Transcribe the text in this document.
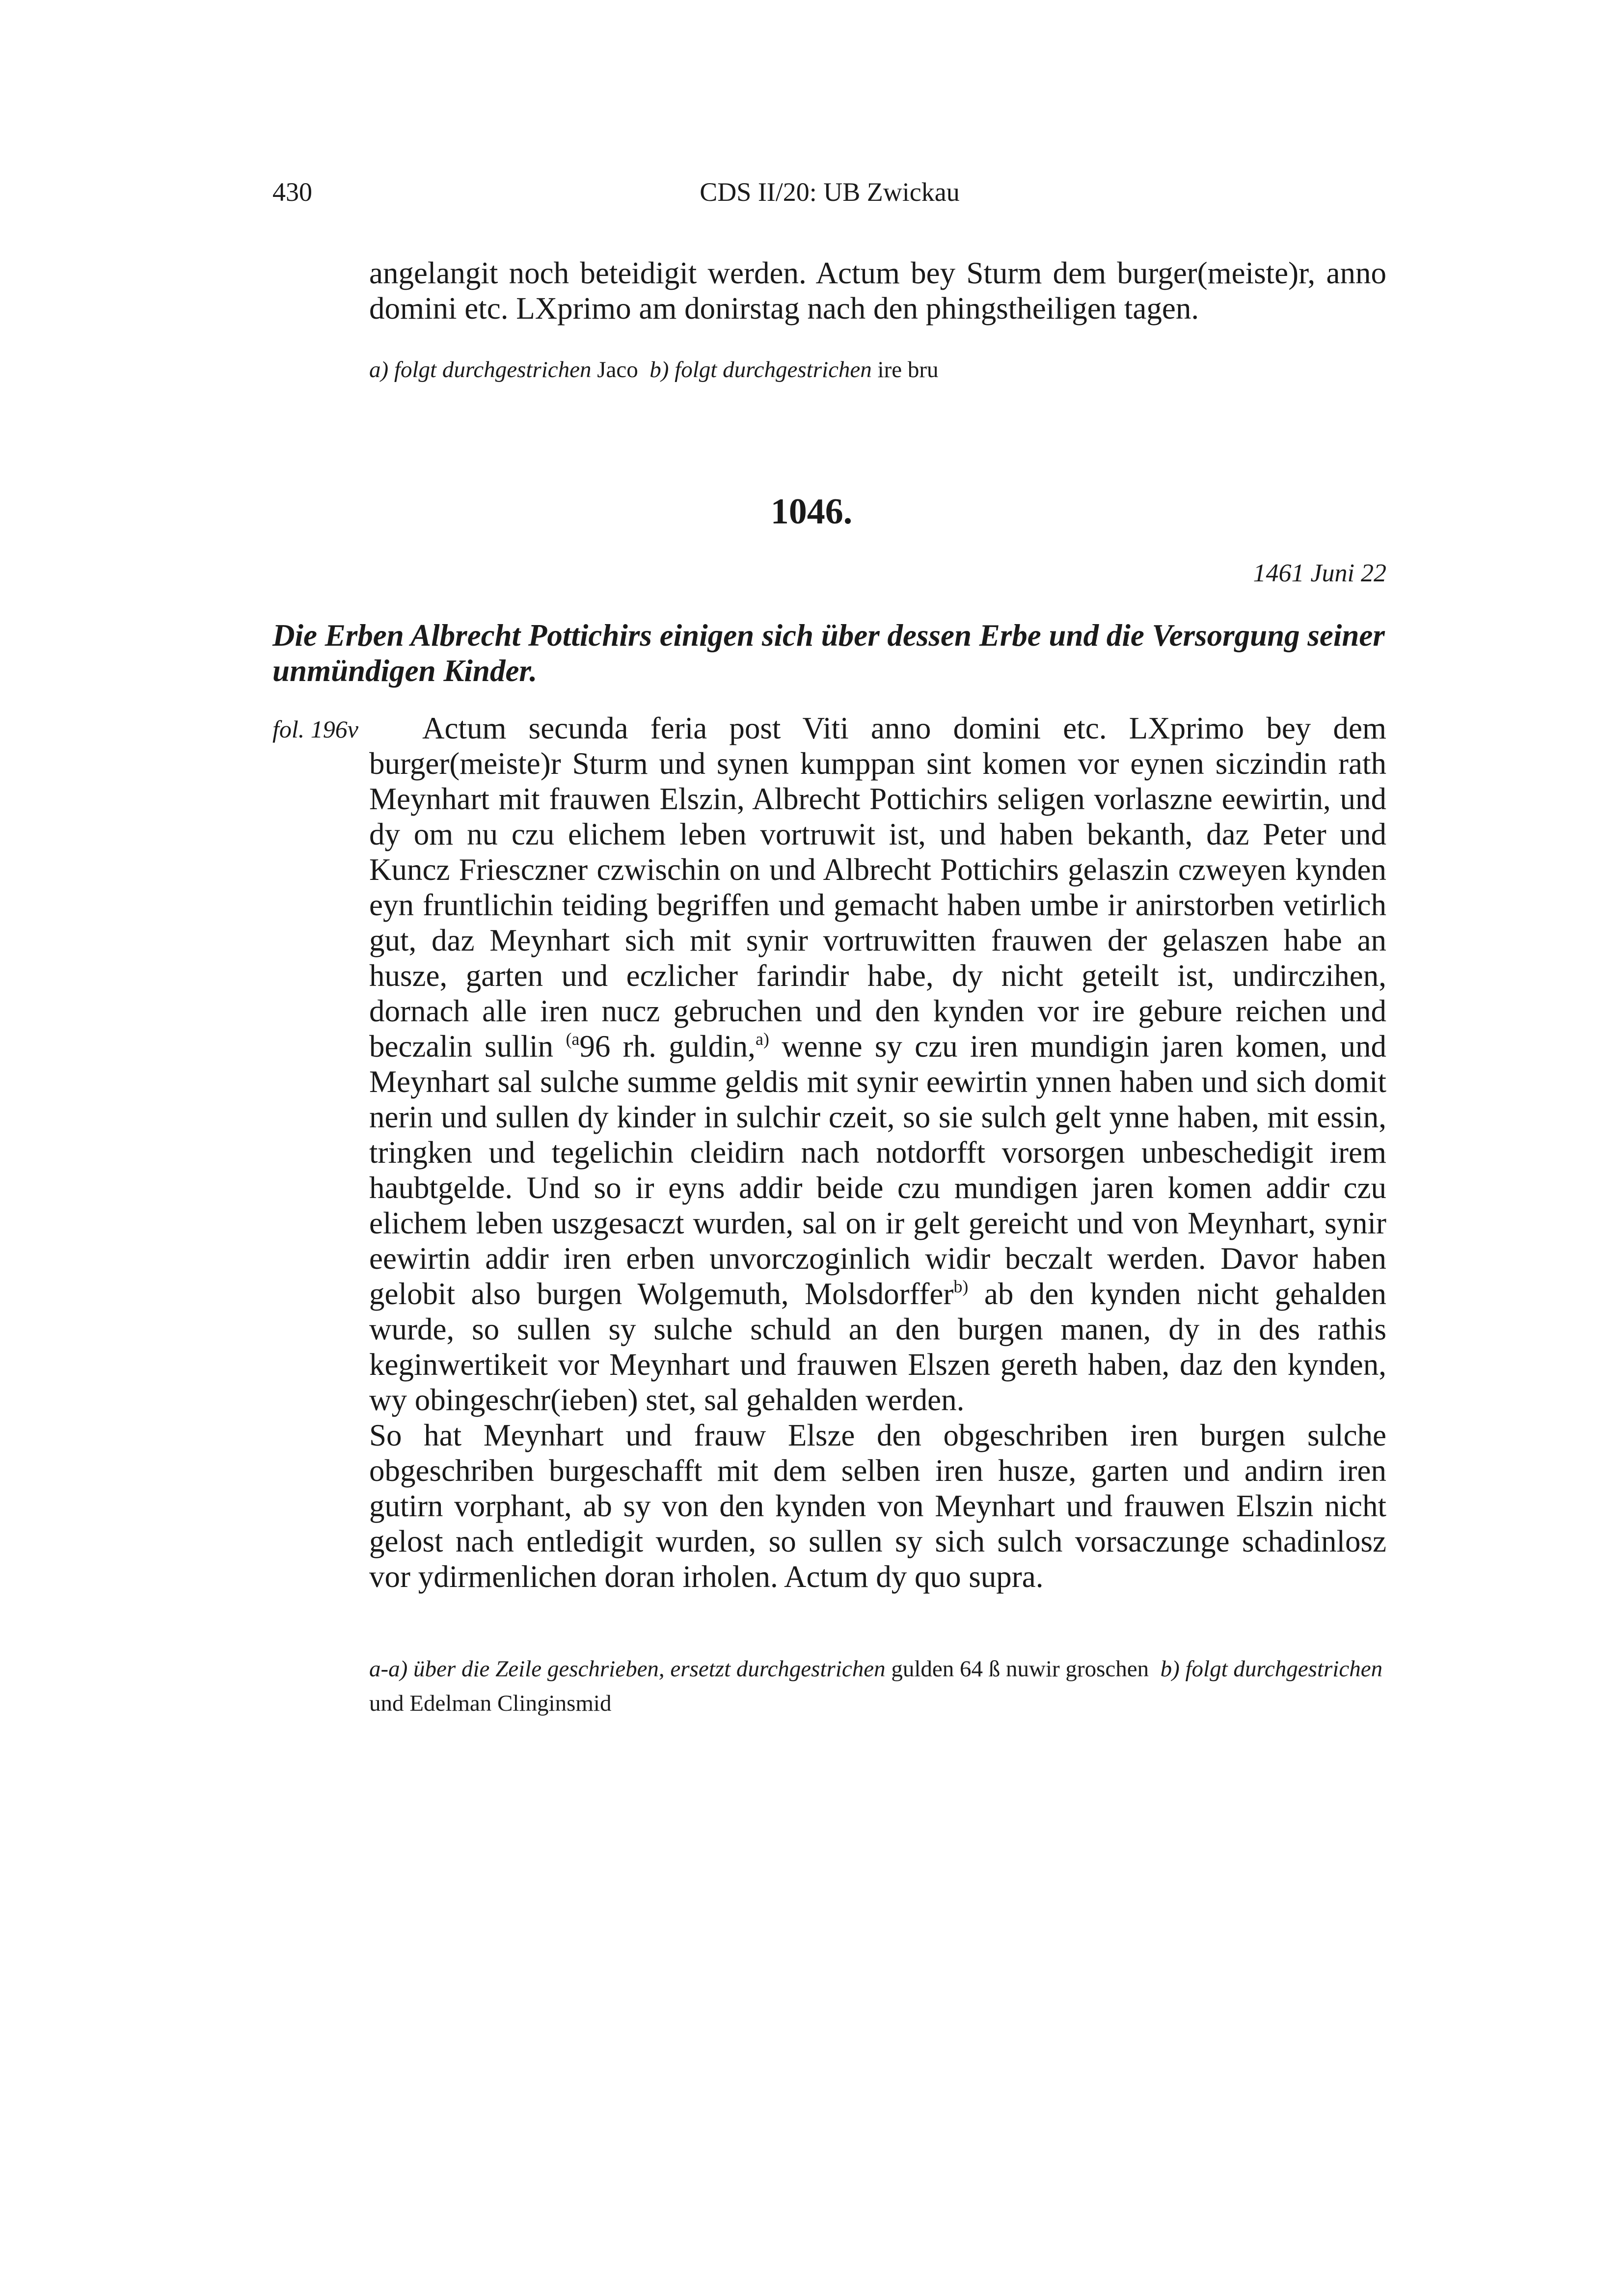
430	CDS II/20: UB Zwickau
angelangit noch beteidigit werden. Actum bey Sturm dem burger(meiste)r, anno domini etc. LXprimo am donirstag nach den phingstheiligen tagen.
a) folgt durchgestrichen Jaco b) folgt durchgestrichen ire bru
1046.
1461 Juni 22
Die Erben Albrecht Pottichirs einigen sich über dessen Erbe und die Versorgung seiner unmündigen Kinder.
fol. 196v	Actum secunda feria post Viti anno domini etc. LXprimo bey dem burger(meiste)r Sturm und synen kumppan sint komen vor eynen siczindin rath Meynhart mit frauwen Elszin, Albrecht Pottichirs seligen vorlaszne eewirtin, und dy om nu czu elichem leben vortruwit ist, und haben bekanth, daz Peter und Kuncz Friesczner czwischin on und Albrecht Pottichirs gelaszin czweyen kynden eyn fruntlichin teiding begriffen und gemacht haben umbe ir anirstorben vetirlich gut, daz Meynhart sich mit synir vortruwitten frauwen der gelaszen habe an husze, garten und eczlicher farindir habe, dy nicht geteilt ist, undirczihen, dornach alle iren nucz gebruchen und den kynden vor ire gebure reichen und beczalin sullin $^{(a}$96 rh. guldin,$^{a)}$ wenne sy czu iren mundigin jaren komen, und Meynhart sal sulche summe geldis mit synir eewirtin ynnen haben und sich domit nerin und sullen dy kinder in sulchir czeit, so sie sulch gelt ynne haben, mit essin, tringken und tegelichin cleidirn nach notdorfft vorsorgen unbeschedigit irem haubtgelde. Und so ir eyns addir beide czu mundigen jaren komen addir czu elichem leben uszgesaczt wurden, sal on ir gelt gereicht und von Meynhart, synir eewirtin addir iren erben unvorczoginlich widir beczalt werden. Davor haben gelobit also burgen Wolgemuth, Molsdorffer$^{b)}$ ab den kynden nicht gehalden wurde, so sullen sy sulche schuld an den burgen manen, dy in des rathis keginwertikeit vor Meynhart und frauwen Elszen gereth haben, daz den kynden, wy obingeschr(ieben) stet, sal gehalden werden.

So hat Meynhart und frauw Elsze den obgeschriben iren burgen sulche obgeschriben burgeschafft mit dem selben iren husze, garten und andirn iren gutirn vorphant, ab sy von den kynden von Meynhart und frauwen Elszin nicht gelost nach entledigit wurden, so sullen sy sich sulch vorsaczunge schadinlosz vor ydirmenlichen doran irholen. Actum dy quo supra.

a-a) über die Zeile geschrieben, ersetzt durchgestrichen gulden 64 ß nuwir groschen b) folgt durchgestrichen und Edelman Clinginsmid
